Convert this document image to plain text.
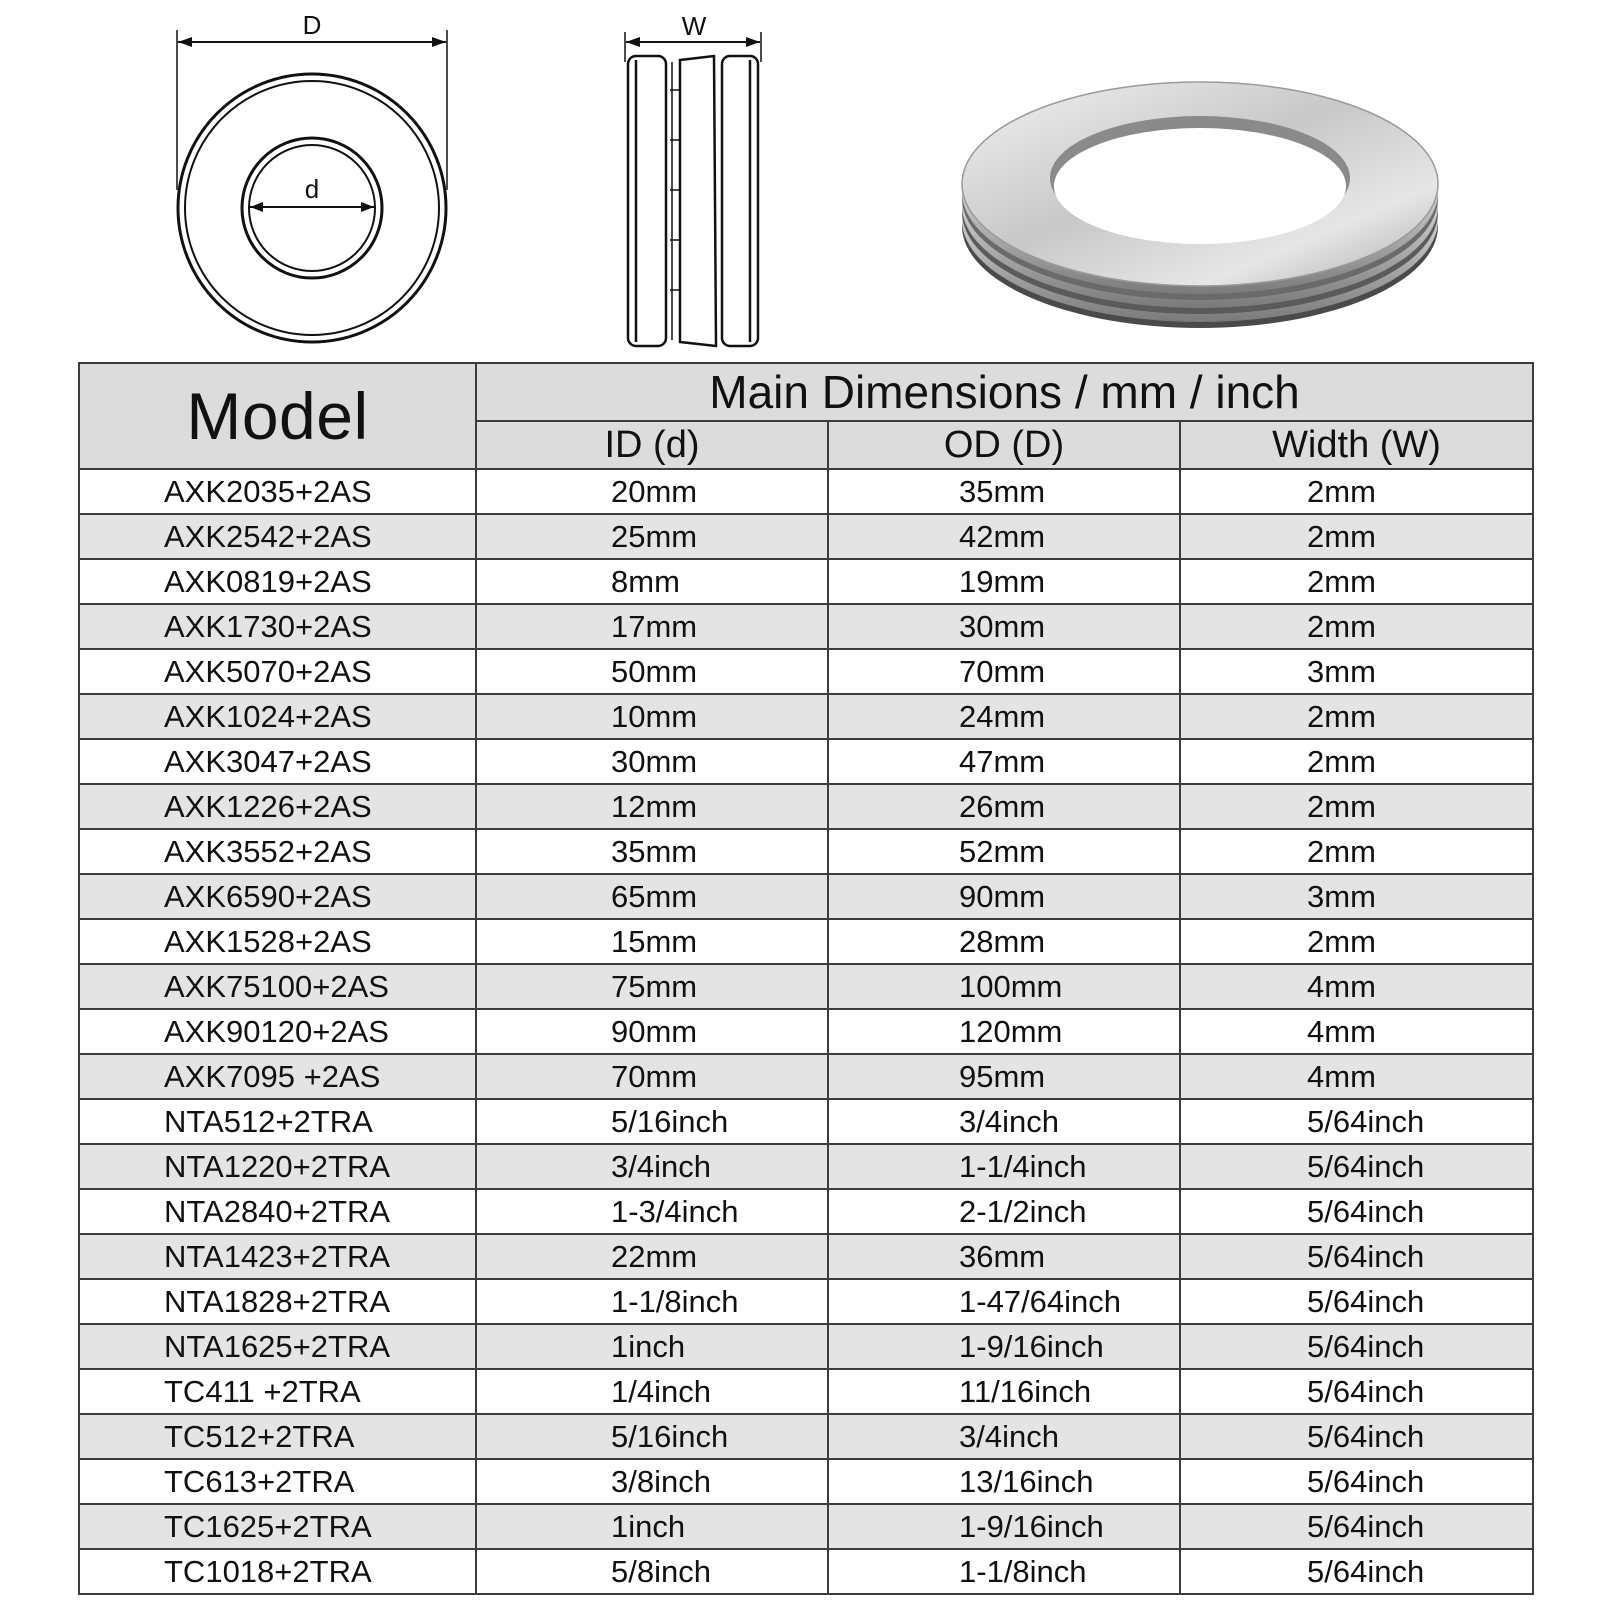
D
d
W
Model	Main Dimensions / mm / inch		
	ID (d)	OD (D)	Width (W)
AXK2035+2AS	20mm	35mm	2mm
AXK2542+2AS	25mm	42mm	2mm
AXK0819+2AS	8mm	19mm	2mm
AXK1730+2AS	17mm	30mm	2mm
AXK5070+2AS	50mm	70mm	3mm
AXK1024+2AS	10mm	24mm	2mm
AXK3047+2AS	30mm	47mm	2mm
AXK1226+2AS	12mm	26mm	2mm
AXK3552+2AS	35mm	52mm	2mm
AXK6590+2AS	65mm	90mm	3mm
AXK1528+2AS	15mm	28mm	2mm
AXK75100+2AS	75mm	100mm	4mm
AXK90120+2AS	90mm	120mm	4mm
AXK7095 +2AS	70mm	95mm	4mm
NTA512+2TRA	5/16inch	3/4inch	5/64inch
NTA1220+2TRA	3/4inch	1-1/4inch	5/64inch
NTA2840+2TRA	1-3/4inch	2-1/2inch	5/64inch
NTA1423+2TRA	22mm	36mm	5/64inch
NTA1828+2TRA	1-1/8inch	1-47/64inch	5/64inch
NTA1625+2TRA	1inch	1-9/16inch	5/64inch
TC411 +2TRA	1/4inch	11/16inch	5/64inch
TC512+2TRA	5/16inch	3/4inch	5/64inch
TC613+2TRA	3/8inch	13/16inch	5/64inch
TC1625+2TRA	1inch	1-9/16inch	5/64inch
TC1018+2TRA	5/8inch	1-1/8inch	5/64inch
